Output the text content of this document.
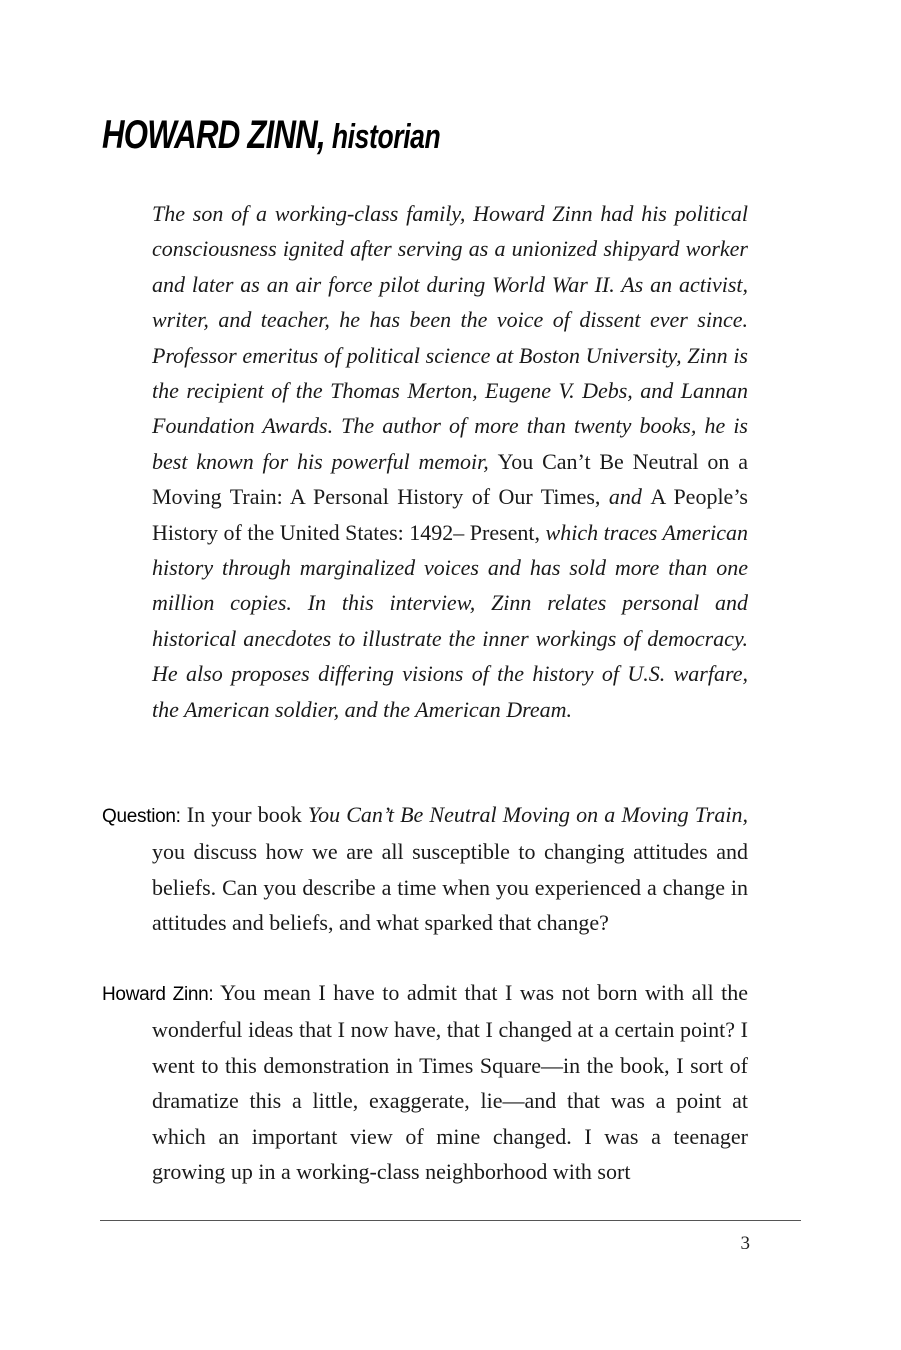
HOWARD ZINN, historian

The son of a working-class family, Howard Zinn had his political consciousness ignited after serving as a unionized shipyard worker and later as an air force pilot during World War II. As an activist, writer, and teacher, he has been the voice of dissent ever since. Professor emeritus of political science at Boston University, Zinn is the recipient of the Thomas Merton, Eugene V. Debs, and Lannan Foundation Awards. The author of more than twenty books, he is best known for his powerful memoir, You Can’t Be Neutral on a Moving Train: A Personal History of Our Times, and A People’s History of the United States: 1492– Present, which traces American history through marginalized voices and has sold more than one million copies. In this interview, Zinn relates personal and historical anecdotes to illustrate the inner workings of democracy. He also proposes differing visions of the history of U.S. warfare, the American soldier, and the American Dream.

Question: In your book You Can’t Be Neutral Moving on a Moving Train, you discuss how we are all susceptible to changing attitudes and beliefs. Can you describe a time when you experienced a change in attitudes and beliefs, and what sparked that change?

Howard Zinn: You mean I have to admit that I was not born with all the wonderful ideas that I now have, that I changed at a certain point? I went to this demonstration in Times Square—in the book, I sort of dramatize this a little, exaggerate, lie—and that was a point at which an important view of mine changed. I was a teenager growing up in a working-class neighborhood with sort

3
